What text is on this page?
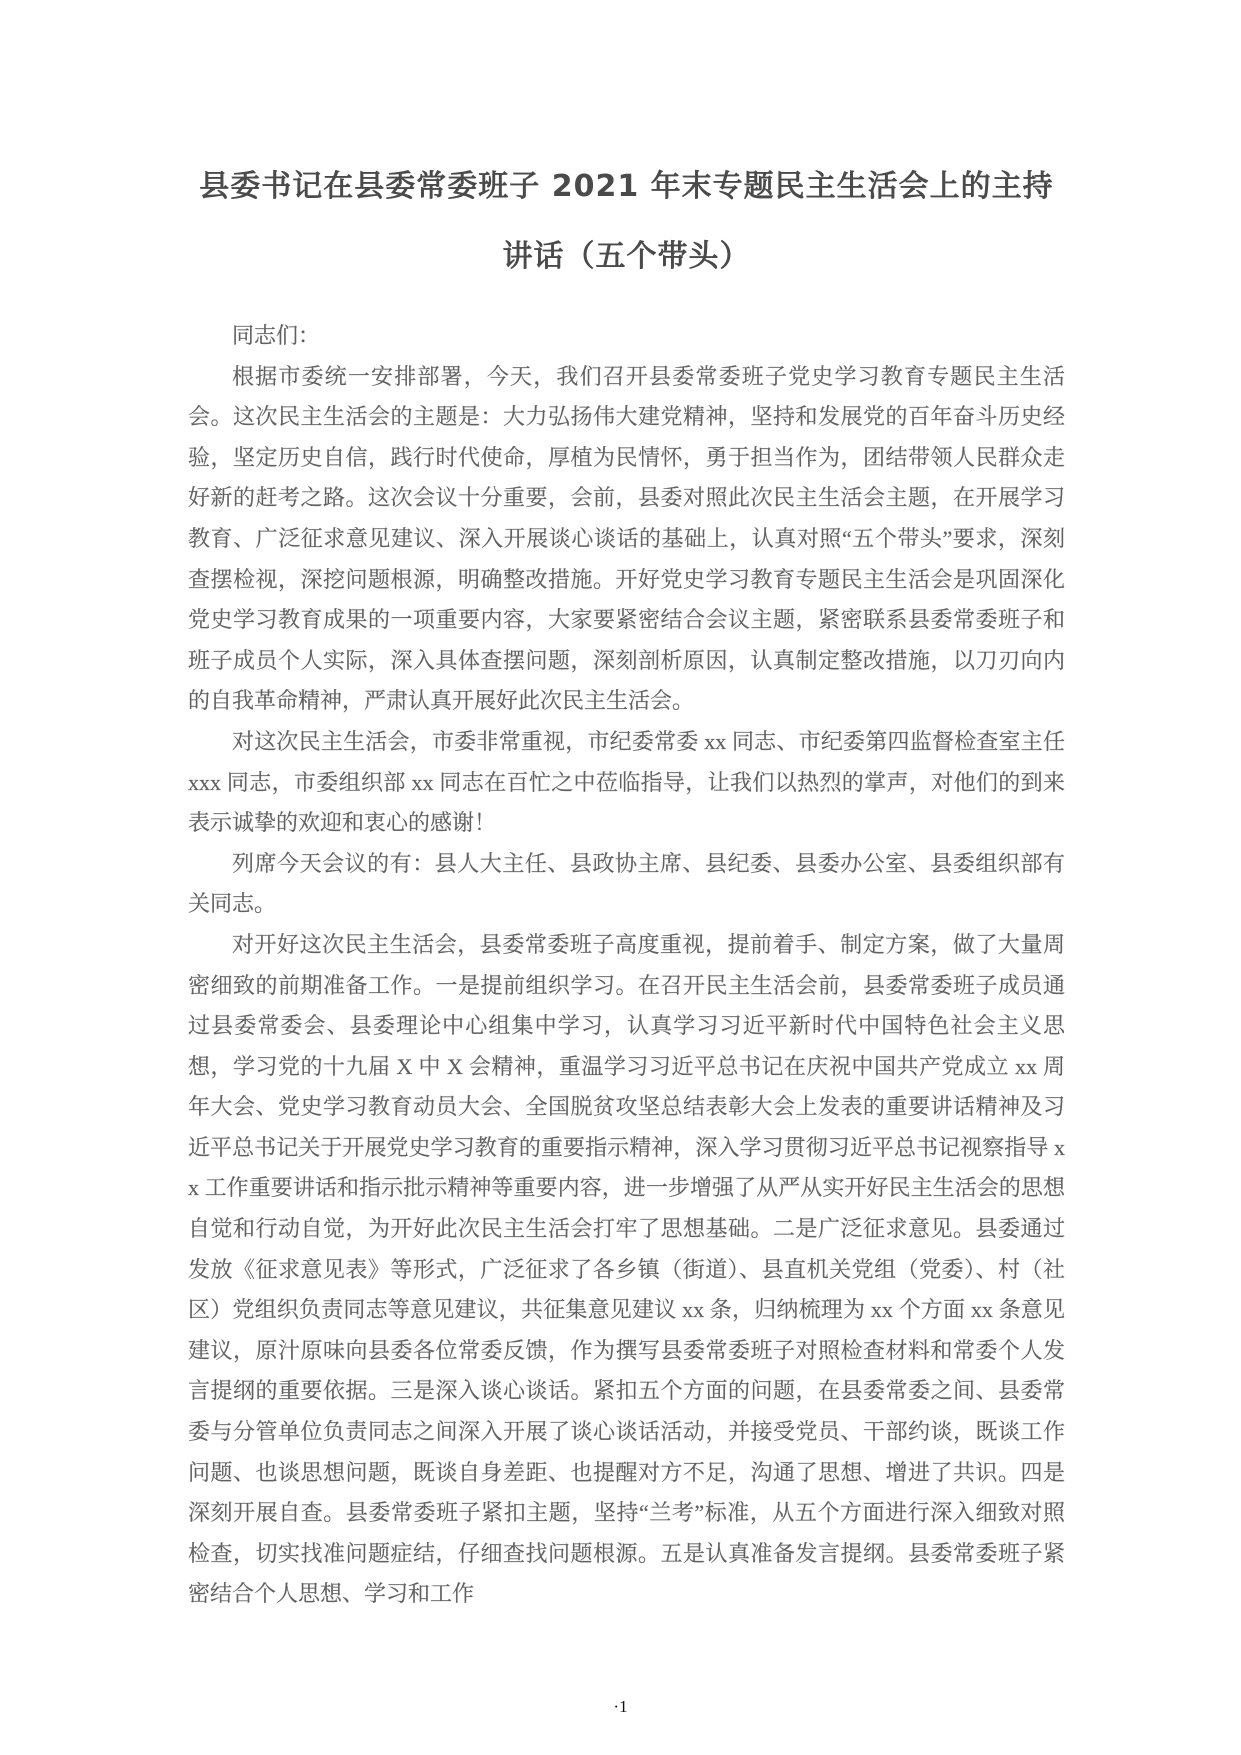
县委书记在县委常委班子 2021 年末专题民主生活会上的主持讲话（五个带头）

同志们：

根据市委统一安排部署，今天，我们召开县委常委班子党史学习教育专题民主生活会。这次民主生活会的主题是：大力弘扬伟大建党精神，坚持和发展党的百年奋斗历史经验，坚定历史自信，践行时代使命，厚植为民情怀，勇于担当作为，团结带领人民群众走好新的赶考之路。这次会议十分重要，会前，县委对照此次民主生活会主题，在开展学习教育、广泛征求意见建议、深入开展谈心谈话的基础上，认真对照“五个带头”要求，深刻查摆检视，深挖问题根源，明确整改措施。开好党史学习教育专题民主生活会是巩固深化党史学习教育成果的一项重要内容，大家要紧密结合会议主题，紧密联系县委常委班子和班子成员个人实际，深入具体查摆问题，深刻剖析原因，认真制定整改措施，以刀刃向内的自我革命精神，严肃认真开展好此次民主生活会。

对这次民主生活会，市委非常重视，市纪委常委 xx 同志、市纪委第四监督检查室主任 xxx 同志，市委组织部 xx 同志在百忙之中莅临指导，让我们以热烈的掌声，对他们的到来表示诚挚的欢迎和衷心的感谢！

列席今天会议的有：县人大主任、县政协主席、县纪委、县委办公室、县委组织部有关同志。

对开好这次民主生活会，县委常委班子高度重视，提前着手、制定方案，做了大量周密细致的前期准备工作。一是提前组织学习。在召开民主生活会前，县委常委班子成员通过县委常委会、县委理论中心组集中学习，认真学习习近平新时代中国特色社会主义思想，学习党的十九届 X 中 X 会精神，重温学习习近平总书记在庆祝中国共产党成立 xx 周年大会、党史学习教育动员大会、全国脱贫攻坚总结表彰大会上发表的重要讲话精神及习近平总书记关于开展党史学习教育的重要指示精神，深入学习贯彻习近平总书记视察指导 xx 工作重要讲话和指示批示精神等重要内容，进一步增强了从严从实开好民主生活会的思想自觉和行动自觉，为开好此次民主生活会打牢了思想基础。二是广泛征求意见。县委通过发放《征求意见表》等形式，广泛征求了各乡镇（街道）、县直机关党组（党委）、村（社区）党组织负责同志等意见建议，共征集意见建议 xx 条，归纳梳理为 xx 个方面 xx 条意见建议，原汁原味向县委各位常委反馈，作为撰写县委常委班子对照检查材料和常委个人发言提纲的重要依据。三是深入谈心谈话。紧扣五个方面的问题，在县委常委之间、县委常委与分管单位负责同志之间深入开展了谈心谈话活动，并接受党员、干部约谈，既谈工作问题、也谈思想问题，既谈自身差距、也提醒对方不足，沟通了思想、增进了共识。四是深刻开展自查。县委常委班子紧扣主题，坚持“兰考”标准，从五个方面进行深入细致对照检查，切实找准问题症结，仔细查找问题根源。五是认真准备发言提纲。县委常委班子紧密结合个人思想、学习和工作

·1
